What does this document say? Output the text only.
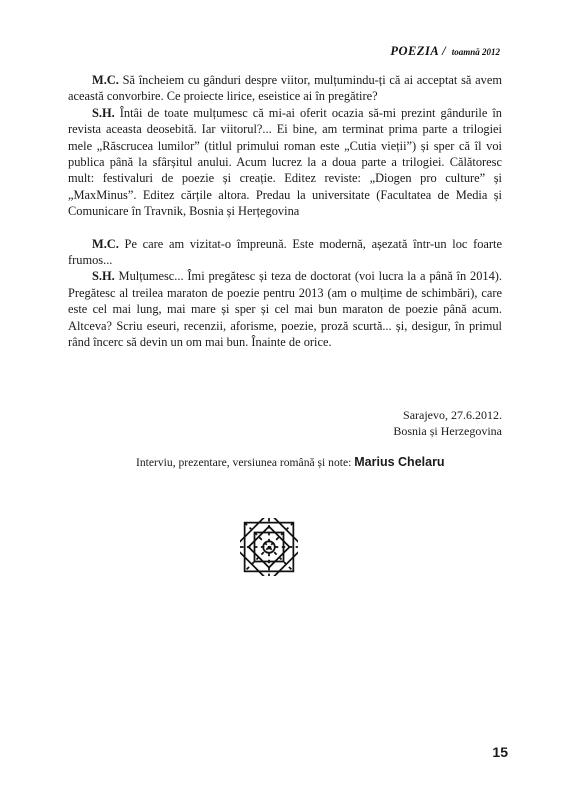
POEZIA / toamnă 2012

M.C. Să încheiem cu gânduri despre viitor, mulțumindu-ți că ai acceptat să avem această convorbire. Ce proiecte lirice, eseistice ai în pregătire?

S.H. Întâi de toate mulțumesc că mi-ai oferit ocazia să-mi prezint gândurile în revista aceasta deosebită. Iar viitorul?... Ei bine, am terminat prima parte a trilogiei mele „Răscrucea lumilor” (titlul primului roman este „Cutia vieții”) și sper că îl voi publica până la sfârșitul anului. Acum lucrez la a doua parte a trilogiei. Călătoresc mult: festivaluri de poezie și creație. Editez reviste: „Diogen pro culture” și „MaxMinus”. Editez cărțile altora. Predau la universitate (Facultatea de Media și Comunicare în Travnik, Bosnia și Herțegovina

M.C. Pe care am vizitat-o împreună. Este modernă, așezată într-un loc foarte frumos...

S.H. Mulțumesc... Îmi pregătesc și teza de doctorat (voi lucra la a până în 2014). Pregătesc al treilea maraton de poezie pentru 2013 (am o mulțime de schimbări), care este cel mai lung, mai mare și sper și cel mai bun maraton de poezie până acum. Altceva? Scriu eseuri, recenzii, aforisme, poezie, proză scurtă... și, desigur, în primul rând încerc să devin un om mai bun. Înainte de orice.

Sarajevo, 27.6.2012.
Bosnia și Herzegovina
Interviu, prezentare, versiunea română și note: Marius Chelaru
15
